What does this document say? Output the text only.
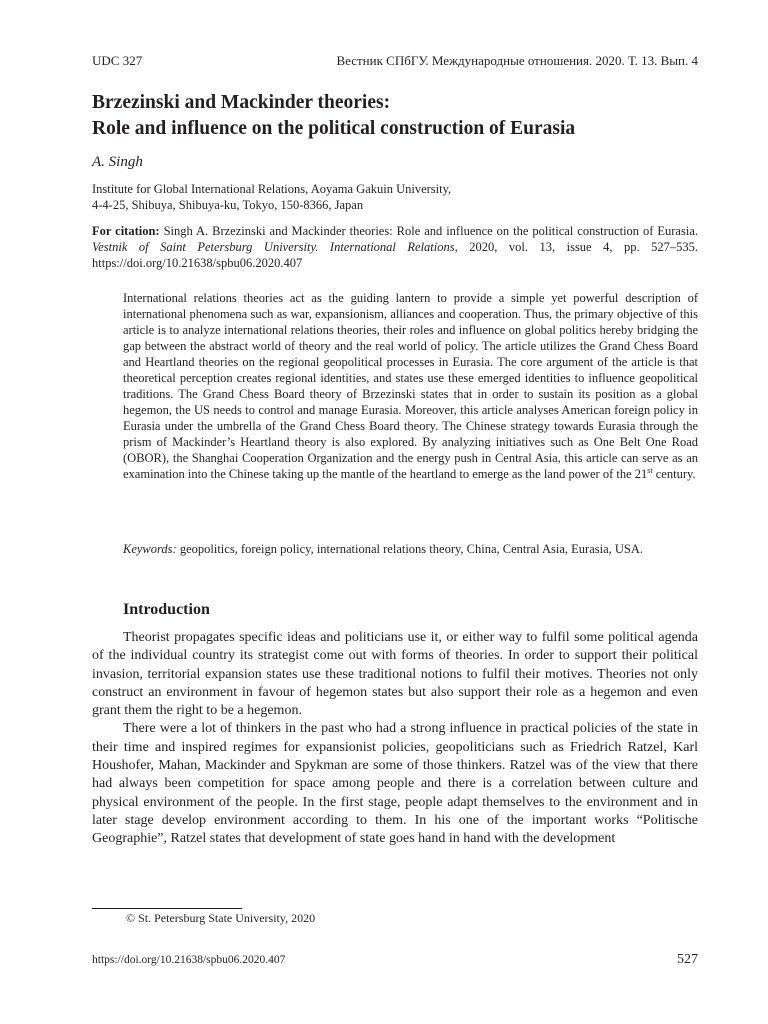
UDC 327	Вестник СПбГУ. Международные отношения. 2020. Т. 13. Вып. 4
Brzezinski and Mackinder theories:
Role and influence on the political construction of Eurasia
A. Singh
Institute for Global International Relations, Aoyama Gakuin University,
4-4-25, Shibuya, Shibuya-ku, Tokyo, 150-8366, Japan
For citation: Singh A. Brzezinski and Mackinder theories: Role and influence on the political construction of Eurasia. Vestnik of Saint Petersburg University. International Relations, 2020, vol. 13, issue 4, pp. 527–535. https://doi.org/10.21638/spbu06.2020.407
International relations theories act as the guiding lantern to provide a simple yet powerful description of international phenomena such as war, expansionism, alliances and cooperation. Thus, the primary objective of this article is to analyze international relations theories, their roles and influence on global politics hereby bridging the gap between the abstract world of theory and the real world of policy. The article utilizes the Grand Chess Board and Heartland theories on the regional geopolitical processes in Eurasia. The core argument of the article is that theoretical perception creates regional identities, and states use these emerged identities to influence geopolitical traditions. The Grand Chess Board theory of Brzezinski states that in order to sustain its position as a global hegemon, the US needs to control and manage Eurasia. Moreover, this article analyses American foreign policy in Eurasia under the umbrella of the Grand Chess Board theory. The Chinese strategy towards Eurasia through the prism of Mackinder’s Heartland theory is also explored. By analyzing initiatives such as One Belt One Road (OBOR), the Shanghai Cooperation Organization and the energy push in Central Asia, this article can serve as an examination into the Chinese taking up the mantle of the heartland to emerge as the land power of the 21st century.
Keywords: geopolitics, foreign policy, international relations theory, China, Central Asia, Eurasia, USA.
Introduction

Theorist propagates specific ideas and politicians use it, or either way to fulfil some political agenda of the individual country its strategist come out with forms of theories. In order to support their political invasion, territorial expansion states use these traditional notions to fulfil their motives. Theories not only construct an environment in favour of hegemon states but also support their role as a hegemon and even grant them the right to be a hegemon.

There were a lot of thinkers in the past who had a strong influence in practical policies of the state in their time and inspired regimes for expansionist policies, geopoliticians such as Friedrich Ratzel, Karl Houshofer, Mahan, Mackinder and Spykman are some of those thinkers. Ratzel was of the view that there had always been competition for space among people and there is a correlation between culture and physical environment of the people. In the first stage, people adapt themselves to the environment and in later stage develop environment according to them. In his one of the important works “Politische Geographie”, Ratzel states that development of state goes hand in hand with the development

© St. Petersburg State University, 2020
https://doi.org/10.21638/spbu06.2020.407	527
